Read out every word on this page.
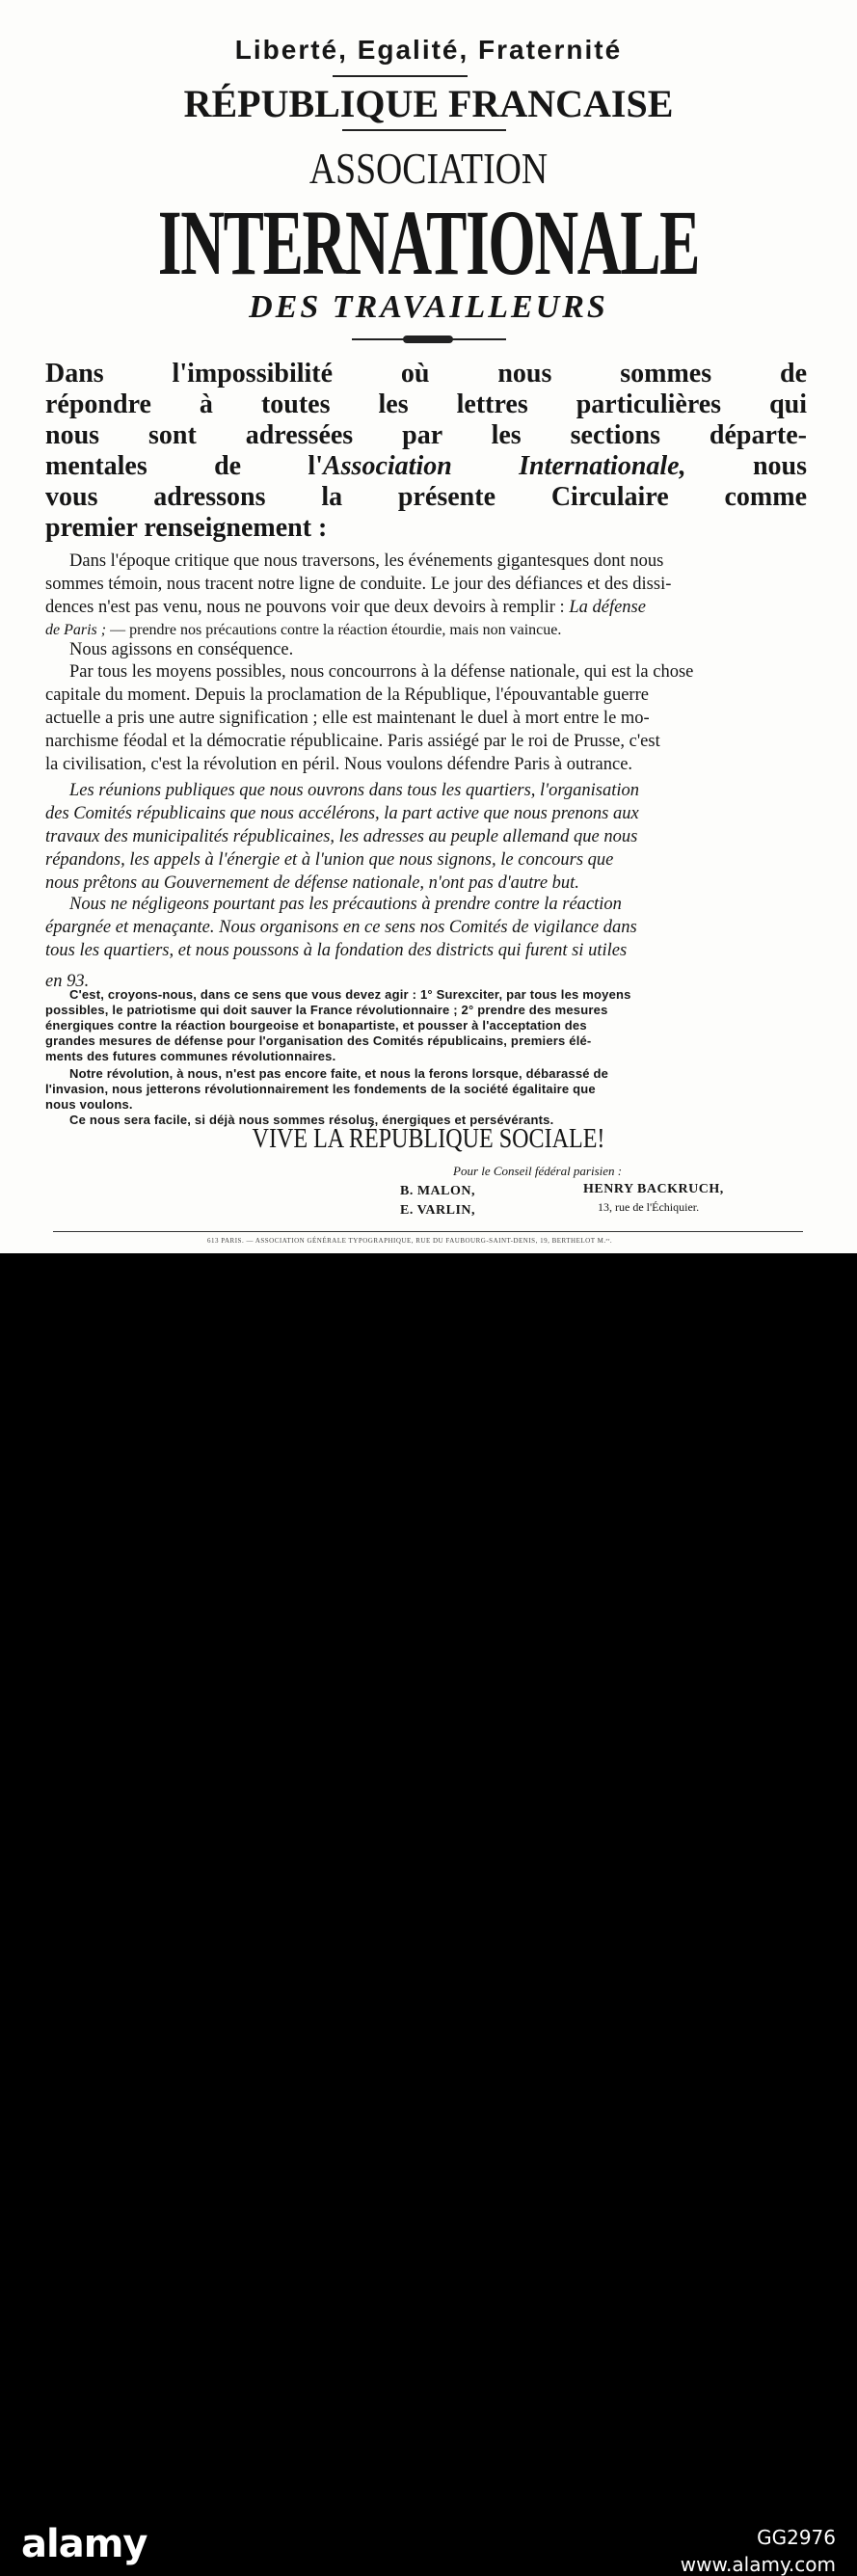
Liberté, Egalité, Fraternité
RÉPUBLIQUE FRANCAISE
ASSOCIATION
INTERNATIONALE
DES TRAVAILLEURS
Dans l'impossibilité où nous sommes de
répondre à toutes les lettres particulières qui
nous sont adressées par les sections départe-
mentales de l'Association Internationale, nous
vous adressons la présente Circulaire comme
premier renseignement :
Dans l'époque critique que nous traversons, les événements gigantesques dont nous
sommes témoin, nous tracent notre ligne de conduite. Le jour des défiances et des dissi-
dences n'est pas venu, nous ne pouvons voir que deux devoirs à remplir : La défense
de Paris ; — prendre nos précautions contre la réaction étourdie, mais non vaincue.
Nous agissons en conséquence.
Par tous les moyens possibles, nous concourrons à la défense nationale, qui est la chose
capitale du moment. Depuis la proclamation de la République, l'épouvantable guerre
actuelle a pris une autre signification ; elle est maintenant le duel à mort entre le mo-
narchisme féodal et la démocratie républicaine. Paris assiégé par le roi de Prusse, c'est
la civilisation, c'est la révolution en péril. Nous voulons défendre Paris à outrance.
Les réunions publiques que nous ouvrons dans tous les quartiers, l'organisation
des Comités républicains que nous accélérons, la part active que nous prenons aux
travaux des municipalités républicaines, les adresses au peuple allemand que nous
répandons, les appels à l'énergie et à l'union que nous signons, le concours que
nous prêtons au Gouvernement de défense nationale, n'ont pas d'autre but.
Nous ne négligeons pourtant pas les précautions à prendre contre la réaction
épargnée et menaçante. Nous organisons en ce sens nos Comités de vigilance dans
tous les quartiers, et nous poussons à la fondation des districts qui furent si utiles
en 93.
C'est, croyons-nous, dans ce sens que vous devez agir : 1° Surexciter, par tous les moyens
possibles, le patriotisme qui doit sauver la France révolutionnaire ; 2° prendre des mesures
énergiques contre la réaction bourgeoise et bonapartiste, et pousser à l'acceptation des
grandes mesures de défense pour l'organisation des Comités républicains, premiers élé-
ments des futures communes révolutionnaires.
Notre révolution, à nous, n'est pas encore faite, et nous la ferons lorsque, débarassé de
l'invasion, nous jetterons révolutionnairement les fondements de la société égalitaire que
nous voulons.
Ce nous sera facile, si déjà nous sommes résolus, énergiques et persévérants.
VIVE LA RÉPUBLIQUE SOCIALE!
Pour le Conseil fédéral parisien :
B. MALON,
E. VARLIN,
HENRY BACKRUCH,
13, rue de l'Échiquier.
613 PARIS. — ASSOCIATION GÉNÉRALE TYPOGRAPHIQUE, RUE DU FAUBOURG-SAINT-DENIS, 19, BERTHELOT M.ᵉʳ.
alamy	GG2976
www.alamy.com
